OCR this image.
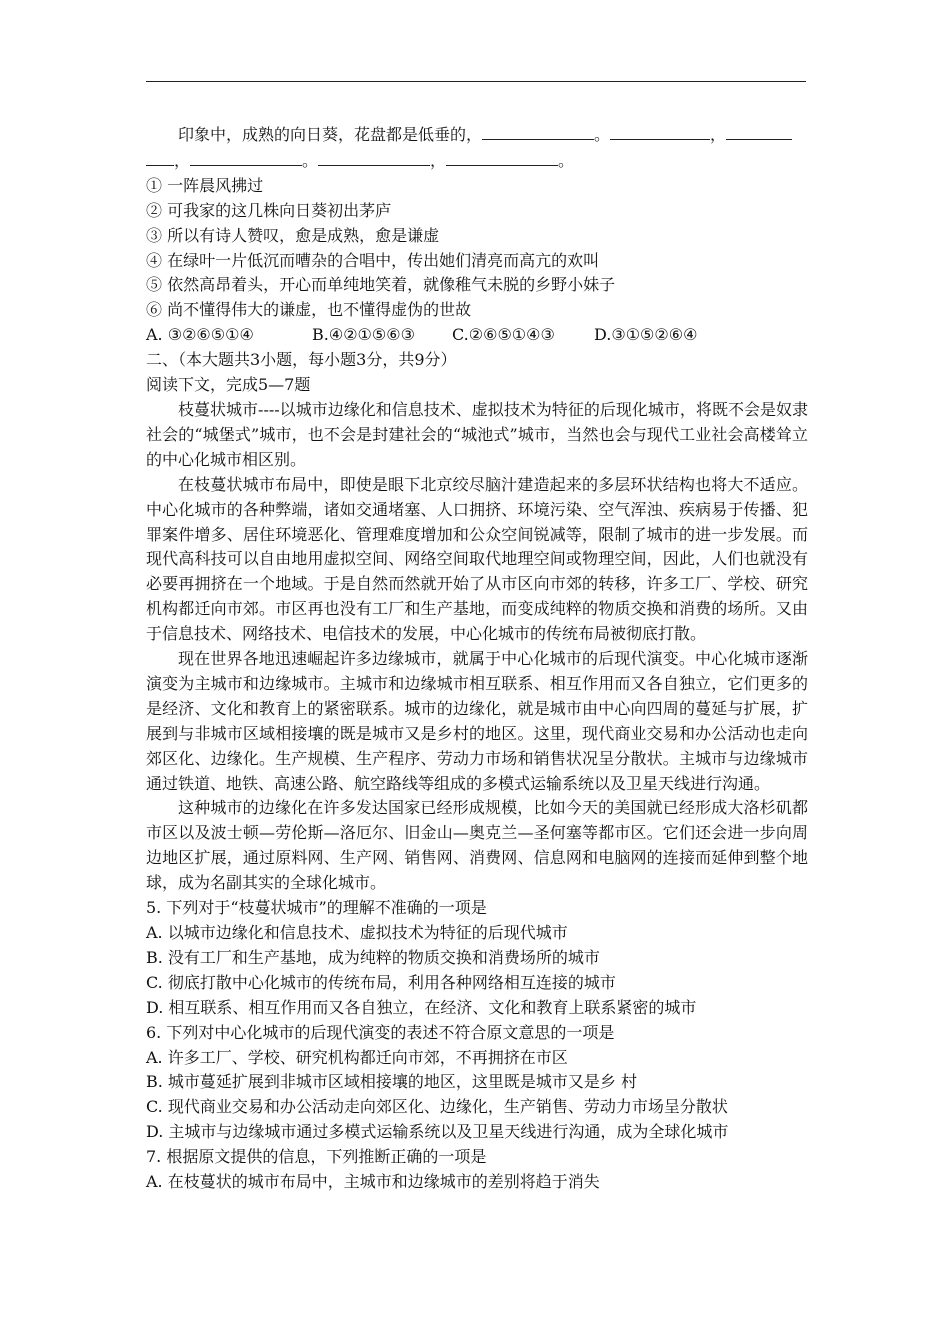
印象中，成熟的向日葵，花盘都是低垂的，	。	，

，	。	，	。

① 一阵晨风拂过

② 可我家的这几株向日葵初出茅庐

③ 所以有诗人赞叹，愈是成熟，愈是谦虚

④ 在绿叶一片低沉而嘈杂的合唱中，传出她们清亮而高亢的欢叫

⑤ 依然高昂着头，开心而单纯地笑着，就像稚气未脱的乡野小妹子

⑥ 尚不懂得伟大的谦虚，也不懂得虚伪的世故

A. ③②⑥⑤①④	B.④②①⑤⑥③ C.②⑥⑤①④③ D.③①⑤②⑥④

二、（本大题共3小题，每小题3分，共9分）

阅读下文，完成5—7题

枝蔓状城市----以城市边缘化和信息技术、虚拟技术为特征的后现化城市，将既不会是奴隶社会的“城堡式”城市，也不会是封建社会的“城池式”城市，当然也会与现代工业社会高楼耸立的中心化城市相区别。

在枝蔓状城市布局中，即使是眼下北京绞尽脑汁建造起来的多层环状结构也将大不适应。中心化城市的各种弊端，诸如交通堵塞、人口拥挤、环境污染、空气浑浊、疾病易于传播、犯罪案件增多、居住环境恶化、管理难度增加和公众空间锐减等，限制了城市的进一步发展。而现代高科技可以自由地用虚拟空间、网络空间取代地理空间或物理空间，因此，人们也就没有必要再拥挤在一个地域。于是自然而然就开始了从市区向市郊的转移，许多工厂、学校、研究机构都迁向市郊。市区再也没有工厂和生产基地，而变成纯粹的物质交换和消费的场所。又由于信息技术、网络技术、电信技术的发展，中心化城市的传统布局被彻底打散。

现在世界各地迅速崛起许多边缘城市，就属于中心化城市的后现代演变。中心化城市逐渐演变为主城市和边缘城市。主城市和边缘城市相互联系、相互作用而又各自独立，它们更多的是经济、文化和教育上的紧密联系。城市的边缘化，就是城市由中心向四周的蔓延与扩展，扩展到与非城市区域相接壤的既是城市又是乡村的地区。这里，现代商业交易和办公活动也走向郊区化、边缘化。生产规模、生产程序、劳动力市场和销售状况呈分散状。主城市与边缘城市通过铁道、地铁、高速公路、航空路线等组成的多模式运输系统以及卫星天线进行沟通。

这种城市的边缘化在许多发达国家已经形成规模，比如今天的美国就已经形成大洛杉矶都市区以及波士顿—劳伦斯—洛厄尔、旧金山—奥克兰—圣何塞等都市区。它们还会进一步向周边地区扩展，通过原料网、生产网、销售网、消费网、信息网和电脑网的连接而延伸到整个地球，成为名副其实的全球化城市。

5. 下列对于“枝蔓状城市”的理解不准确的一项是

A. 以城市边缘化和信息技术、虚拟技术为特征的后现代城市

B. 没有工厂和生产基地，成为纯粹的物质交换和消费场所的城市

C. 彻底打散中心化城市的传统布局，利用各种网络相互连接的城市

D. 相互联系、相互作用而又各自独立，在经济、文化和教育上联系紧密的城市

6. 下列对中心化城市的后现代演变的表述不符合原文意思的一项是

A. 许多工厂、学校、研究机构都迁向市郊，不再拥挤在市区

B. 城市蔓延扩展到非城市区域相接壤的地区，这里既是城市又是乡 村

C. 现代商业交易和办公活动走向郊区化、边缘化，生产销售、劳动力市场呈分散状

D. 主城市与边缘城市通过多模式运输系统以及卫星天线进行沟通，成为全球化城市

7. 根据原文提供的信息，下列推断正确的一项是

A. 在枝蔓状的城市布局中，主城市和边缘城市的差别将趋于消失
